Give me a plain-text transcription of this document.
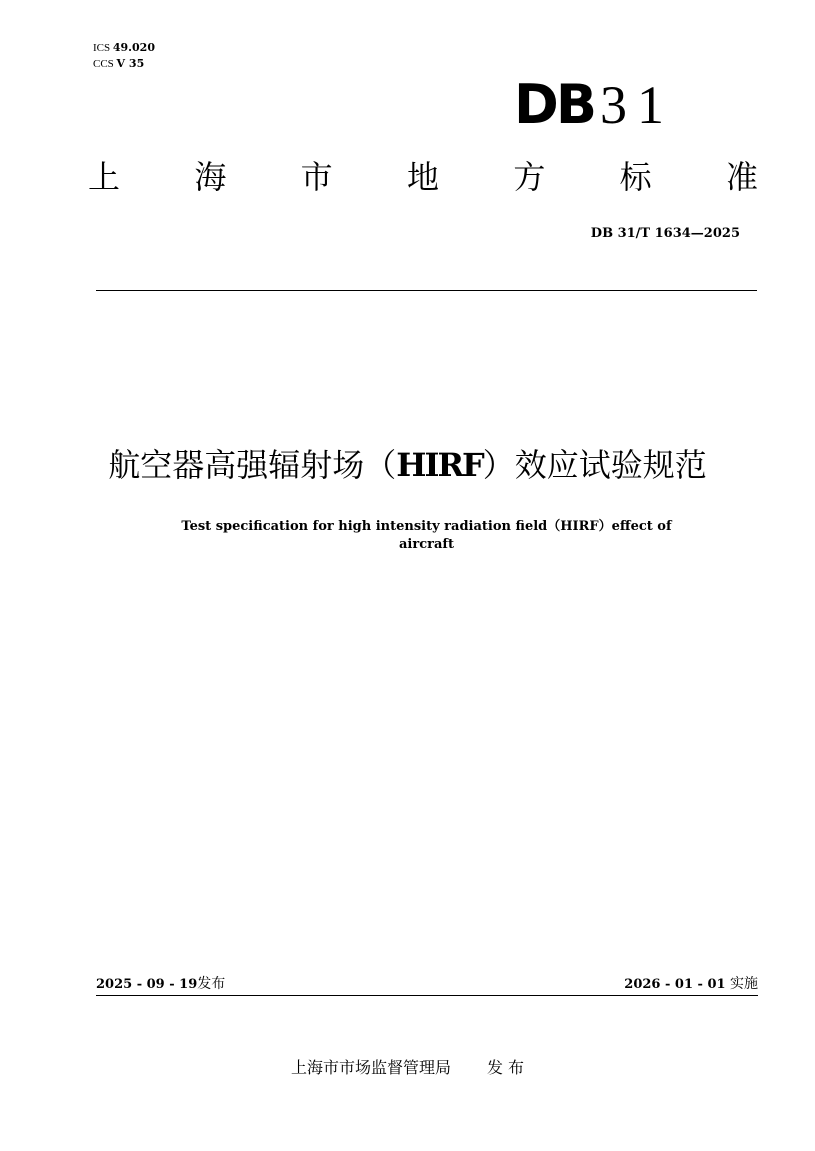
ICS 49.020
CCS V 35
DB 31
上 海 市 地 方 标 准
DB 31/T 1634—2025
航空器高强辐射场（HIRF）效应试验规范
Test specification for high intensity radiation field（HIRF）effect of
aircraft
2025 - 09 - 19发布	2026 - 01 - 01 实施
上海市市场监督管理局 发 布
